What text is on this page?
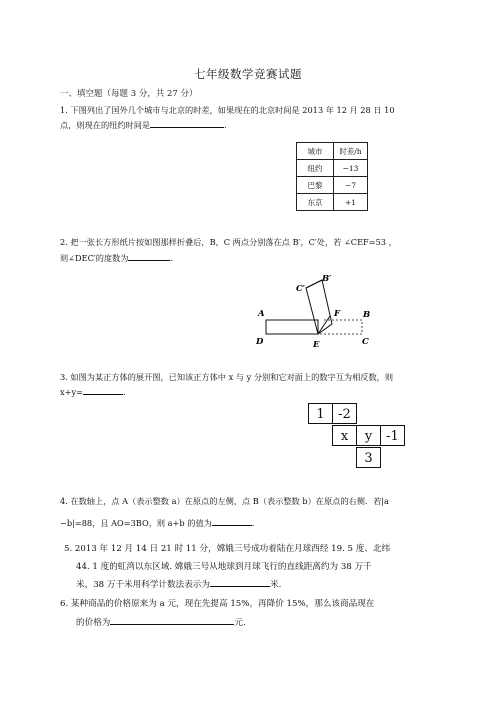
七年级数学竞赛试题
一、填空题（每题 3 分，共 27 分）
1. 下图列出了国外几个城市与北京的时差，如果现在的北京时间是 2013 年 12 月 28 日 10
点，则现在的纽约时间是	.
城市	时差/h
纽约	−13
巴黎	−7
东京	+1
2. 把一张长方形纸片按如图那样折叠后，B，C 两点分别落在点 B′，C′处，若 ∠CEF=53 ，
则∠DEC′的度数为	.
B′
C′
A	F	B
D	E	C
3. 如图为某正方体的展开图，已知该正方体中 x 与 y 分别和它对面上的数字互为相反数，则
x+y=	.
1	-2
x	y	-1
3
4. 在数轴上，点 A（表示整数 a）在原点的左侧，点 B（表示整数 b）在原点的右侧．若|a
−b|=88，且 AO=3BO，则 a+b 的值为	.
5. 2013 年 12 月 14 日 21 时 11 分，嫦娥三号成功着陆在月球西经 19. 5 度、北纬
44. 1 度的虹湾以东区域. 嫦娥三号从地球到月球飞行的直线距离约为 38 万千
米，38 万千米用科学计数法表示为	米.
6. 某种商品的价格原来为 a 元，现在先提高 15%，再降价 15%，那么该商品现在
的价格为	元.
